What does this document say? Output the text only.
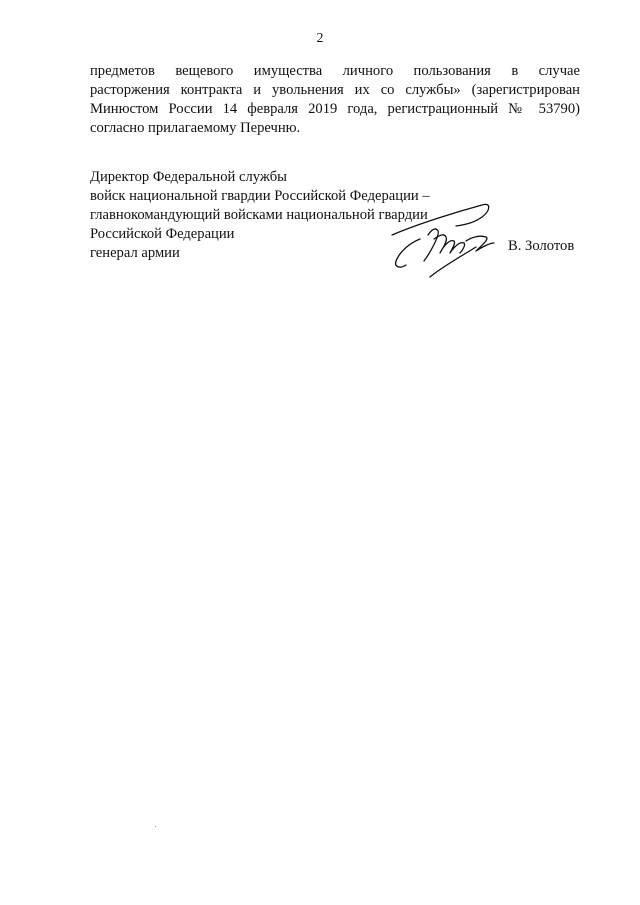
2
предметов вещевого имущества личного пользования в случае
расторжения контракта и увольнения их со службы» (зарегистрирован
Минюстом России 14 февраля 2019 года, регистрационный № 53790)
согласно прилагаемому Перечню.
Директор Федеральной службы
войск национальной гвардии Российской Федерации –
главнокомандующий войсками национальной гвардии
Российской Федерации
генерал армии	В. Золотов
